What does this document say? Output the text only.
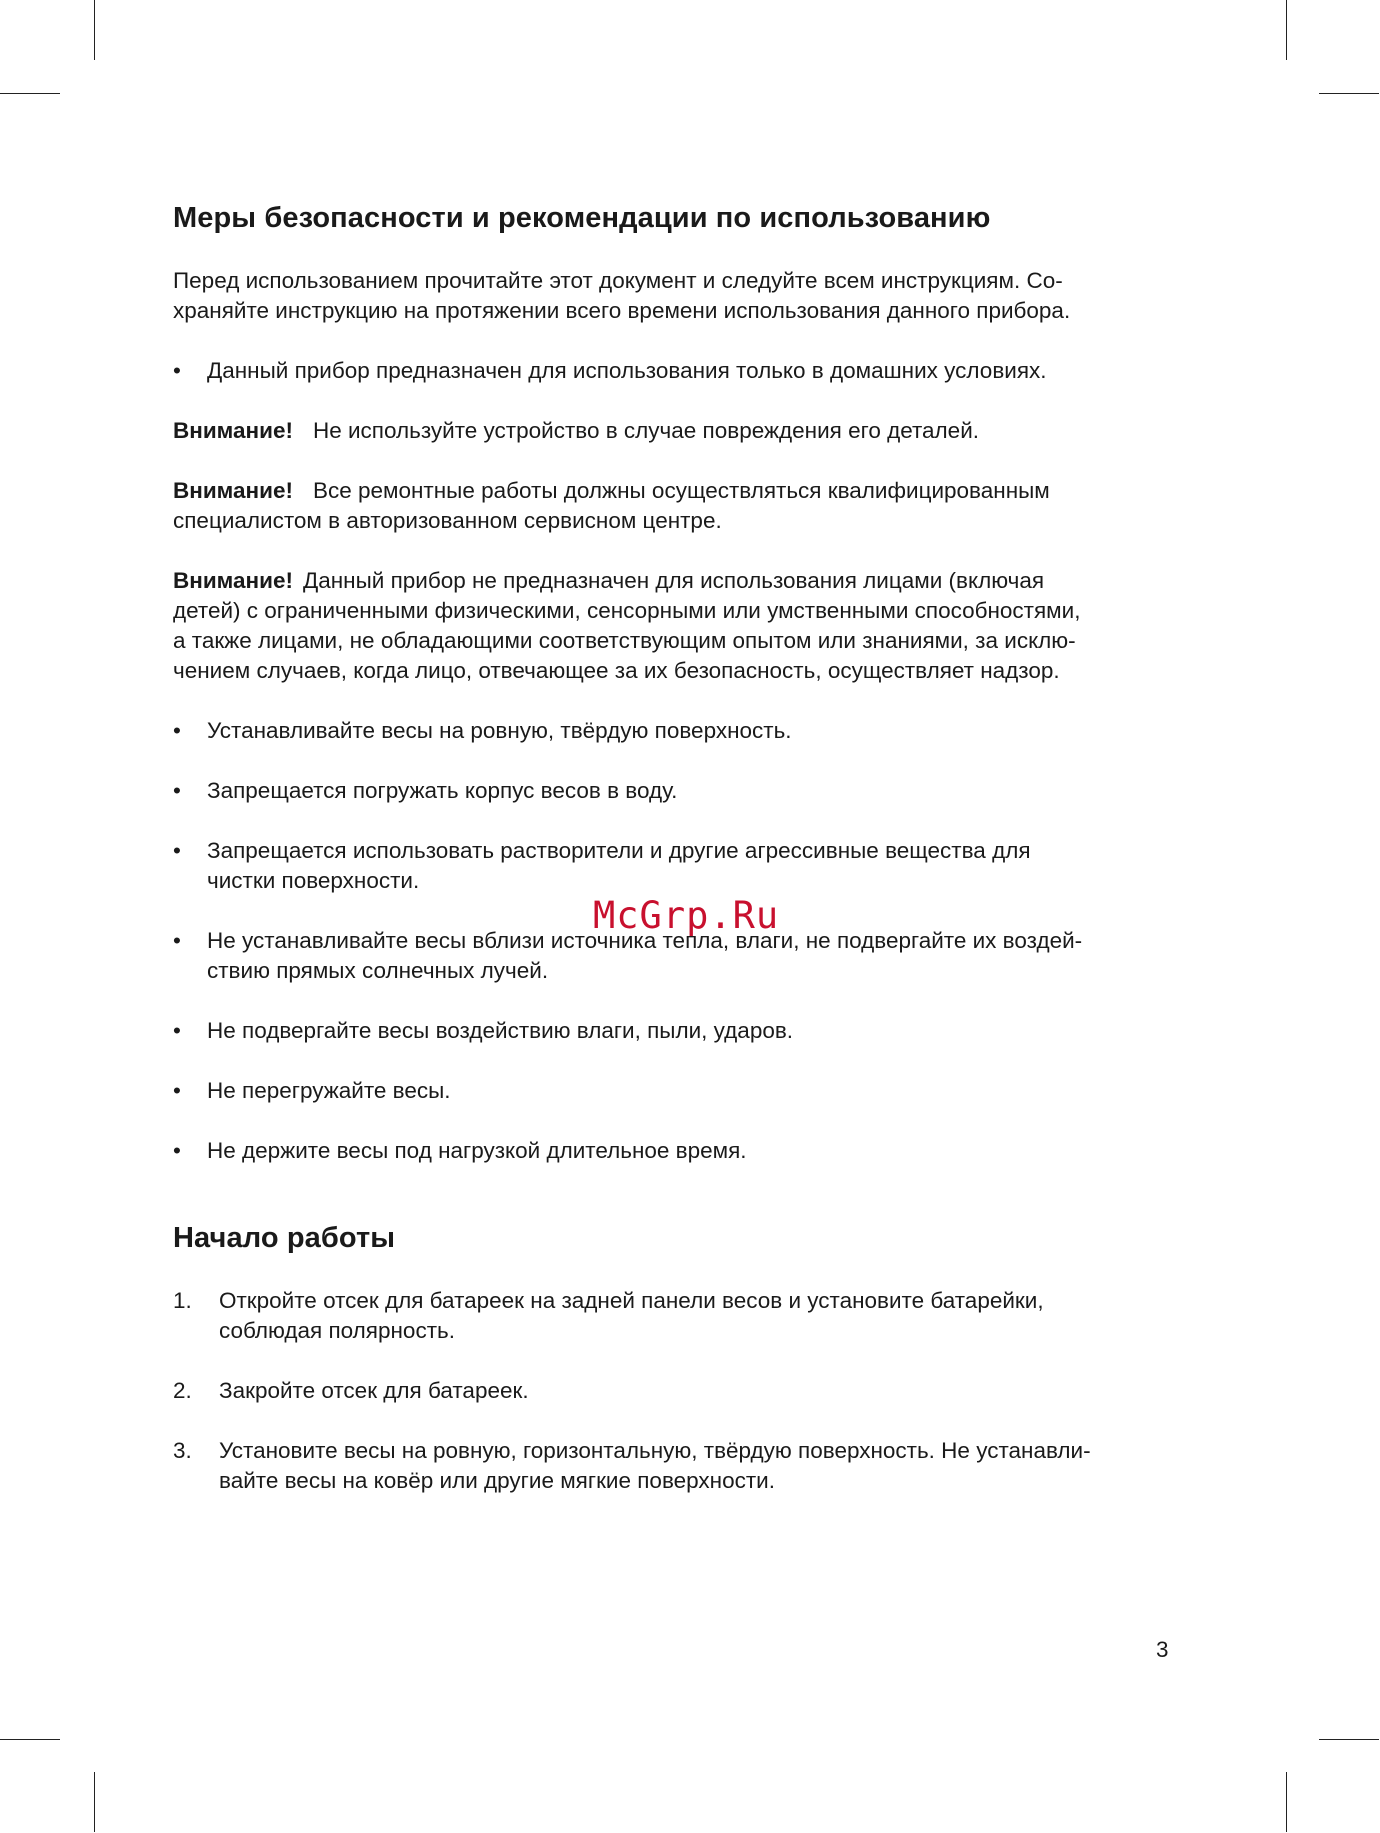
Меры безопасности и рекомендации по использованию

Перед использованием прочитайте этот документ и следуйте всем инструкциям. Со-
храняйте инструкцию на протяжении всего времени использования данного прибора.

• Данный прибор предназначен для использования только в домашних условиях.

Внимание! Не используйте устройство в случае повреждения его деталей.

Внимание! Все ремонтные работы должны осуществляться квалифицированным
специалистом в авторизованном сервисном центре.

Внимание! Данный прибор не предназначен для использования лицами (включая
детей) с ограниченными физическими, сенсорными или умственными способностями,
а также лицами, не обладающими соответствующим опытом или знаниями, за исклю-
чением случаев, когда лицо, отвечающее за их безопасность, осуществляет надзор.

• Устанавливайте весы на ровную, твёрдую поверхность.
• Запрещается погружать корпус весов в воду.
• Запрещается использовать растворители и другие агрессивные вещества для
чистки поверхности.
• Не устанавливайте весы вблизи источника тепла, влаги, не подвергайте их воздей-
ствию прямых солнечных лучей.
• Не подвергайте весы воздействию влаги, пыли, ударов.
• Не перегружайте весы.
• Не держите весы под нагрузкой длительное время.
Начало работы
1. Откройте отсек для батареек на задней панели весов и установите батарейки,
соблюдая полярность.
2. Закройте отсек для батареек.
3. Установите весы на ровную, горизонтальную, твёрдую поверхность. Не устанавли-
вайте весы на ковёр или другие мягкие поверхности.
McGrp.Ru
3
